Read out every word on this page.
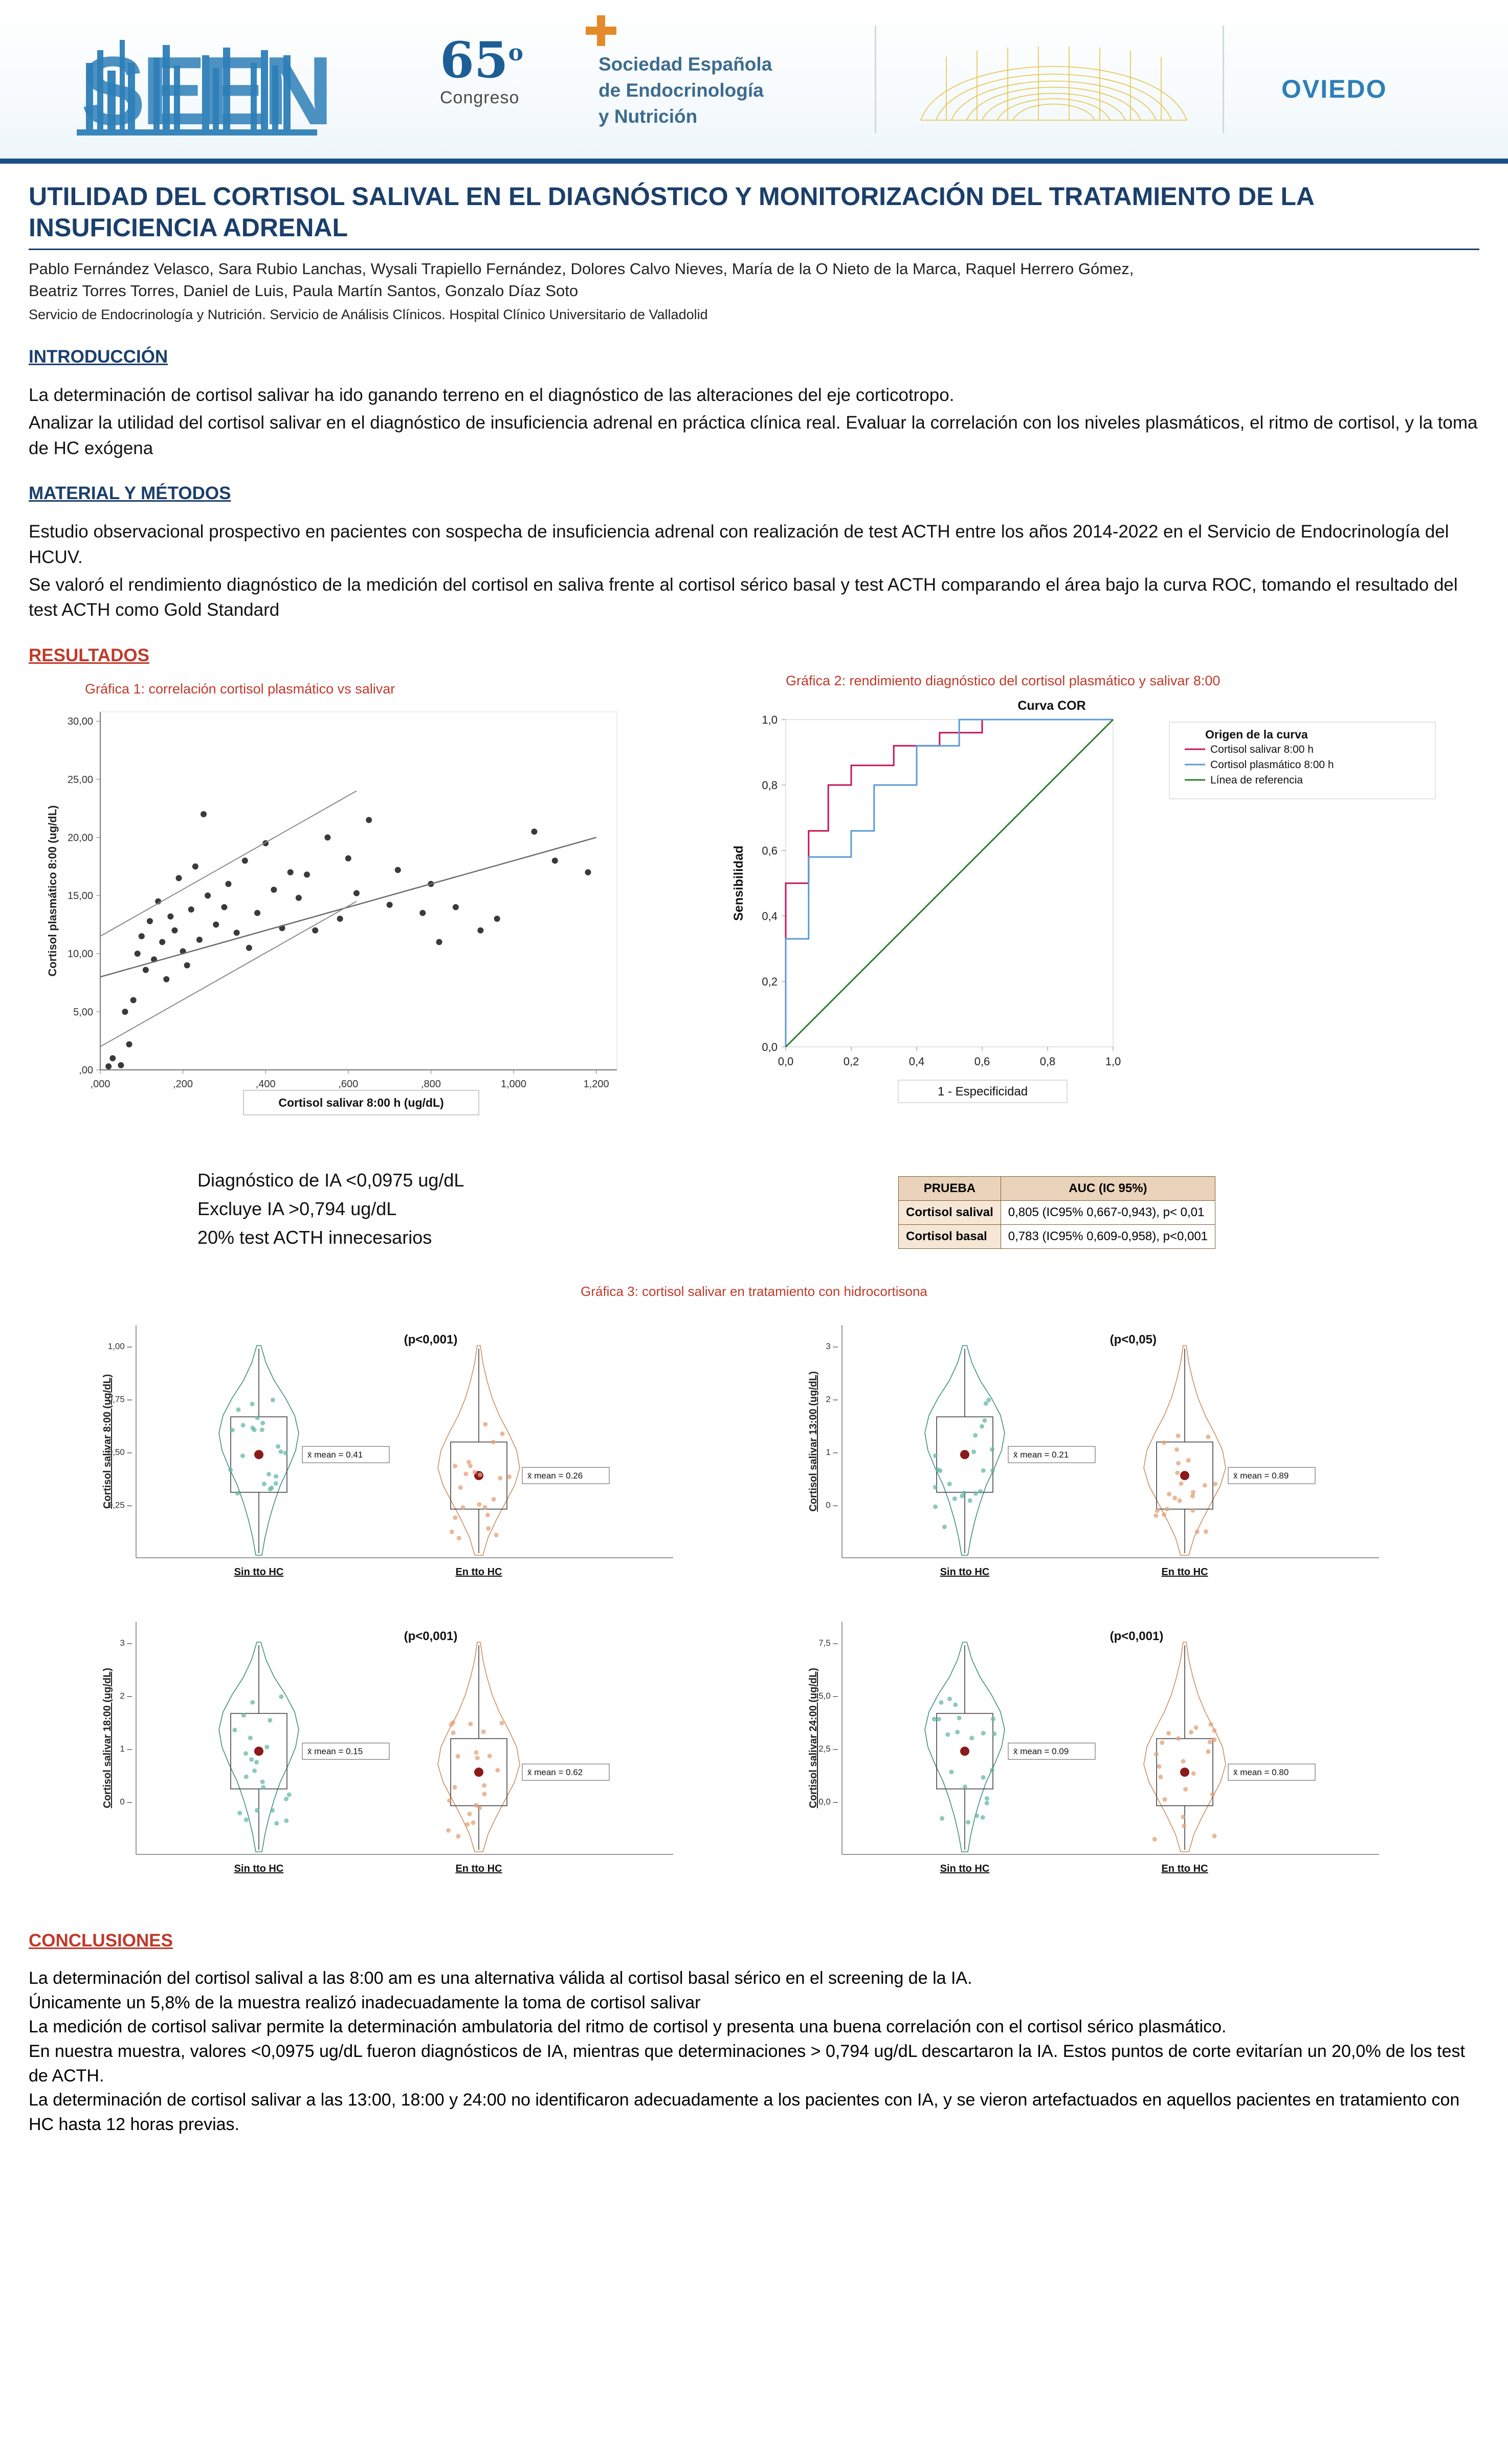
SEEN 65$^o$
Congreso
Sociedad Española
de Endocrinología
y Nutrición
OVIEDO
UTILIDAD DEL CORTISOL SALIVAL EN EL DIAGNÓSTICO Y MONITORIZACIÓN DEL TRATAMIENTO DE LA INSUFICIENCIA ADRENAL
Pablo Fernández Velasco, Sara Rubio Lanchas, Wysali Trapiello Fernández, Dolores Calvo Nieves, María de la O Nieto de la Marca, Raquel Herrero Gómez,
Beatriz Torres Torres, Daniel de Luis, Paula Martín Santos, Gonzalo Díaz Soto
Servicio de Endocrinología y Nutrición. Servicio de Análisis Clínicos. Hospital Clínico Universitario de Valladolid
INTRODUCCIÓN

La determinación de cortisol salivar ha ido ganando terreno en el diagnóstico de las alteraciones del eje corticotropo.

Analizar la utilidad del cortisol salivar en el diagnóstico de insuficiencia adrenal en práctica clínica real. Evaluar la correlación con los niveles plasmáticos, el ritmo de cortisol, y la toma de HC exógena

MATERIAL Y MÉTODOS

Estudio observacional prospectivo en pacientes con sospecha de insuficiencia adrenal con realización de test ACTH entre los años 2014-2022 en el Servicio de Endocrinología del HCUV.

Se valoró el rendimiento diagnóstico de la medición del cortisol en saliva frente al cortisol sérico basal y test ACTH comparando el área bajo la curva ROC, tomando el resultado del test ACTH como Gold Standard

RESULTADOS
Gráfica 1: correlación cortisol plasmático vs salivar
Gráfica 2: rendimiento diagnóstico del cortisol plasmático y salivar 8:00
,00
5,00
10,00
15,00
20,00
25,00
30,00
,000	,200	,400	,600	,800	1,000	1,200
Cortisol plasmático 8:00 (ug/dL)
Cortisol salivar 8:00 h (ug/dL)
Curva COR
0,0
0,2
0,4
0,6
0,8
1,0
0,0	0,2	0,4	0,6	0,8	1,0
Sensibilidad
1 - Especificidad
Origen de la curva
Cortisol salivar 8:00 h
Cortisol plasmático 8:00 h
Línea de referencia
Diagnóstico de IA <0,0975 ug/dL
Excluye IA >0,794 ug/dL
20% test ACTH innecesarios
PRUEBA	AUC (IC 95%)
Cortisol salival	0,805 (IC95% 0,667-0,943), p< 0,01
Cortisol basal	0,783 (IC95% 0,609-0,958), p<0,001
Gráfica 3: cortisol salivar en tratamiento con hidrocortisona
Cortisol salivar 8:00 (ug/dL)
0,25 –
0,50 –
0,75 –
1,00 –	(p<0,001)
x̄ mean = 0.41
Sin tto HC
x̄ mean = 0.26
En tto HC
Cortisol salivar 13:00 (ug/dL) 0 –
1 –
2 –
3 –	(p<0,05)
x̄ mean = 0.21
Sin tto HC
x̄ mean = 0.89
En tto HC
Cortisol salivar 18:00 (ug/dL) 0 –
1 –
2 –
3 –	(p<0,001)
x̄ mean = 0.15
Sin tto HC
x̄ mean = 0.62
En tto HC
Cortisol salivar 24:00 (ug/dL) 0,0 –
2,5 –
5,0 –
7,5 –	(p<0,001)
x̄ mean = 0.09
Sin tto HC
x̄ mean = 0.80
En tto HC
CONCLUSIONES
La determinación del cortisol salival a las 8:00 am es una alternativa válida al cortisol basal sérico en el screening de la IA.
Únicamente un 5,8% de la muestra realizó inadecuadamente la toma de cortisol salivar
La medición de cortisol salivar permite la determinación ambulatoria del ritmo de cortisol y presenta una buena correlación con el cortisol sérico plasmático.
En nuestra muestra, valores <0,0975 ug/dL fueron diagnósticos de IA, mientras que determinaciones > 0,794 ug/dL descartaron la IA. Estos puntos de corte evitarían un 20,0% de los test de ACTH.
La determinación de cortisol salivar a las 13:00, 18:00 y 24:00 no identificaron adecuadamente a los pacientes con IA, y se vieron artefactuados en aquellos pacientes en tratamiento con HC hasta 12 horas previas.
